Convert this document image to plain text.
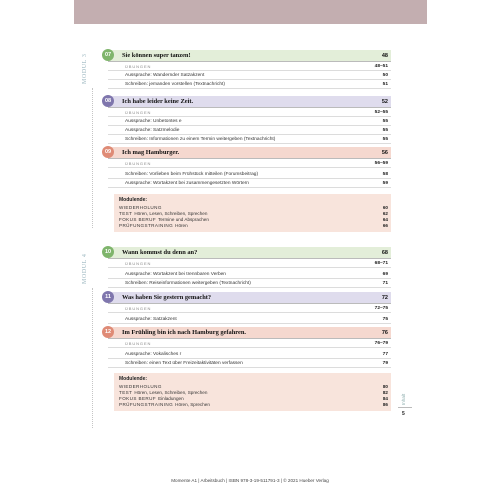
MODUL 3	07	Sie können super tanzen!	48
ÜBUNGEN	48–51
Aussprache: Wandernder Satzakzent	50
Schreiben: jemanden vorstellen (Textnachricht)	51
08	Ich habe leider keine Zeit.	52
ÜBUNGEN	52–55
Aussprache: Unbetontes e	55
Aussprache: Satzmelodie	55
Schreiben: Informationen zu einem Termin weitergeben (Textnachricht)	55
09	Ich mag Hamburger.	56
ÜBUNGEN	56–59
Schreiben: Vorlieben beim Frühstück mitteilen (Forumsbeitrag)	58
Aussprache: Wortakzent bei zusammengesetzten Wörtern	59
Modulende:
WIEDERHOLUNG	60
TEST Hören, Lesen, Schreiben, Sprechen	62
FOKUS BERUF Termine und Absprachen	64
PRÜFUNGSTRAINING Hören	66
MODUL 4
10	Wann kommst du denn an?	68
ÜBUNGEN	68–71
Aussprache: Wortakzent bei trennbaren Verben	69
Schreiben: Reiseinformationen weitergeben (Textnachricht)	71
11	Was haben Sie gestern gemacht?	72
ÜBUNGEN	72–75
Aussprache: Satzakzent	75
12	Im Frühling bin ich nach Hamburg gefahren.	76
ÜBUNGEN	76–79
Aussprache: Vokalisches r	77
Schreiben: einen Text über Freizeitaktivitäten verfassen	79
Modulende:
WIEDERHOLUNG	80
TEST Hören, Lesen, Schreiben, Sprechen	82
FOKUS BERUF Einladungen	84
PRÜFUNGSTRAINING Hören, Sprechen	86	Inhalt
5
Momente A1 | Arbeitsbuch | ISBN 978-3-19-511791-3 | © 2021 Hueber Verlag
